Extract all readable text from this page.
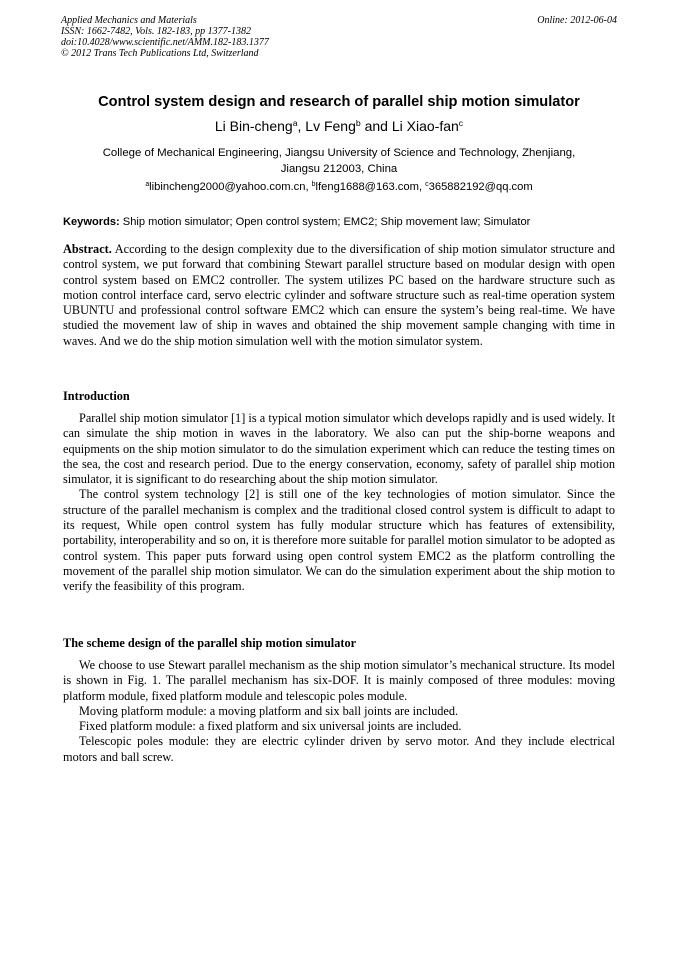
Applied Mechanics and Materials
ISSN: 1662-7482, Vols. 182-183, pp 1377-1382
doi:10.4028/www.scientific.net/AMM.182-183.1377
© 2012 Trans Tech Publications Ltd, Switzerland
Online: 2012-06-04
Control system design and research of parallel ship motion simulator
Li Bin-cheng$^a$, Lv Feng$^b$ and Li Xiao-fan$^c$
College of Mechanical Engineering, Jiangsu University of Science and Technology, Zhenjiang,
Jiangsu 212003, China
$^a$libincheng2000@yahoo.com.cn, $^b$lfeng1688@163.com, $^c$365882192@qq.com
Keywords: Ship motion simulator; Open control system; EMC2; Ship movement law; Simulator

Abstract. According to the design complexity due to the diversification of ship motion simulator structure and control system, we put forward that combining Stewart parallel structure based on modular design with open control system based on EMC2 controller. The system utilizes PC based on the hardware structure such as motion control interface card, servo electric cylinder and software structure such as real-time operation system UBUNTU and professional control software EMC2 which can ensure the system’s being real-time. We have studied the movement law of ship in waves and obtained the ship movement sample changing with time in waves. And we do the ship motion simulation well with the motion simulator system.

Introduction

Parallel ship motion simulator [1] is a typical motion simulator which develops rapidly and is used widely. It can simulate the ship motion in waves in the laboratory. We also can put the ship-borne weapons and equipments on the ship motion simulator to do the simulation experiment which can reduce the testing times on the sea, the cost and research period. Due to the energy conservation, economy, safety of parallel ship motion simulator, it is significant to do researching about the ship motion simulator.

The control system technology [2] is still one of the key technologies of motion simulator. Since the structure of the parallel mechanism is complex and the traditional closed control system is difficult to adapt to its request, While open control system has fully modular structure which has features of extensibility, portability, interoperability and so on, it is therefore more suitable for parallel motion simulator to be adopted as control system. This paper puts forward using open control system EMC2 as the platform controlling the movement of the parallel ship motion simulator. We can do the simulation experiment about the ship motion to verify the feasibility of this program.

The scheme design of the parallel ship motion simulator

We choose to use Stewart parallel mechanism as the ship motion simulator’s mechanical structure. Its model is shown in Fig. 1. The parallel mechanism has six-DOF. It is mainly composed of three modules: moving platform module, fixed platform module and telescopic poles module.

Moving platform module: a moving platform and six ball joints are included.

Fixed platform module: a fixed platform and six universal joints are included.

Telescopic poles module: they are electric cylinder driven by servo motor. And they include electrical motors and ball screw.
